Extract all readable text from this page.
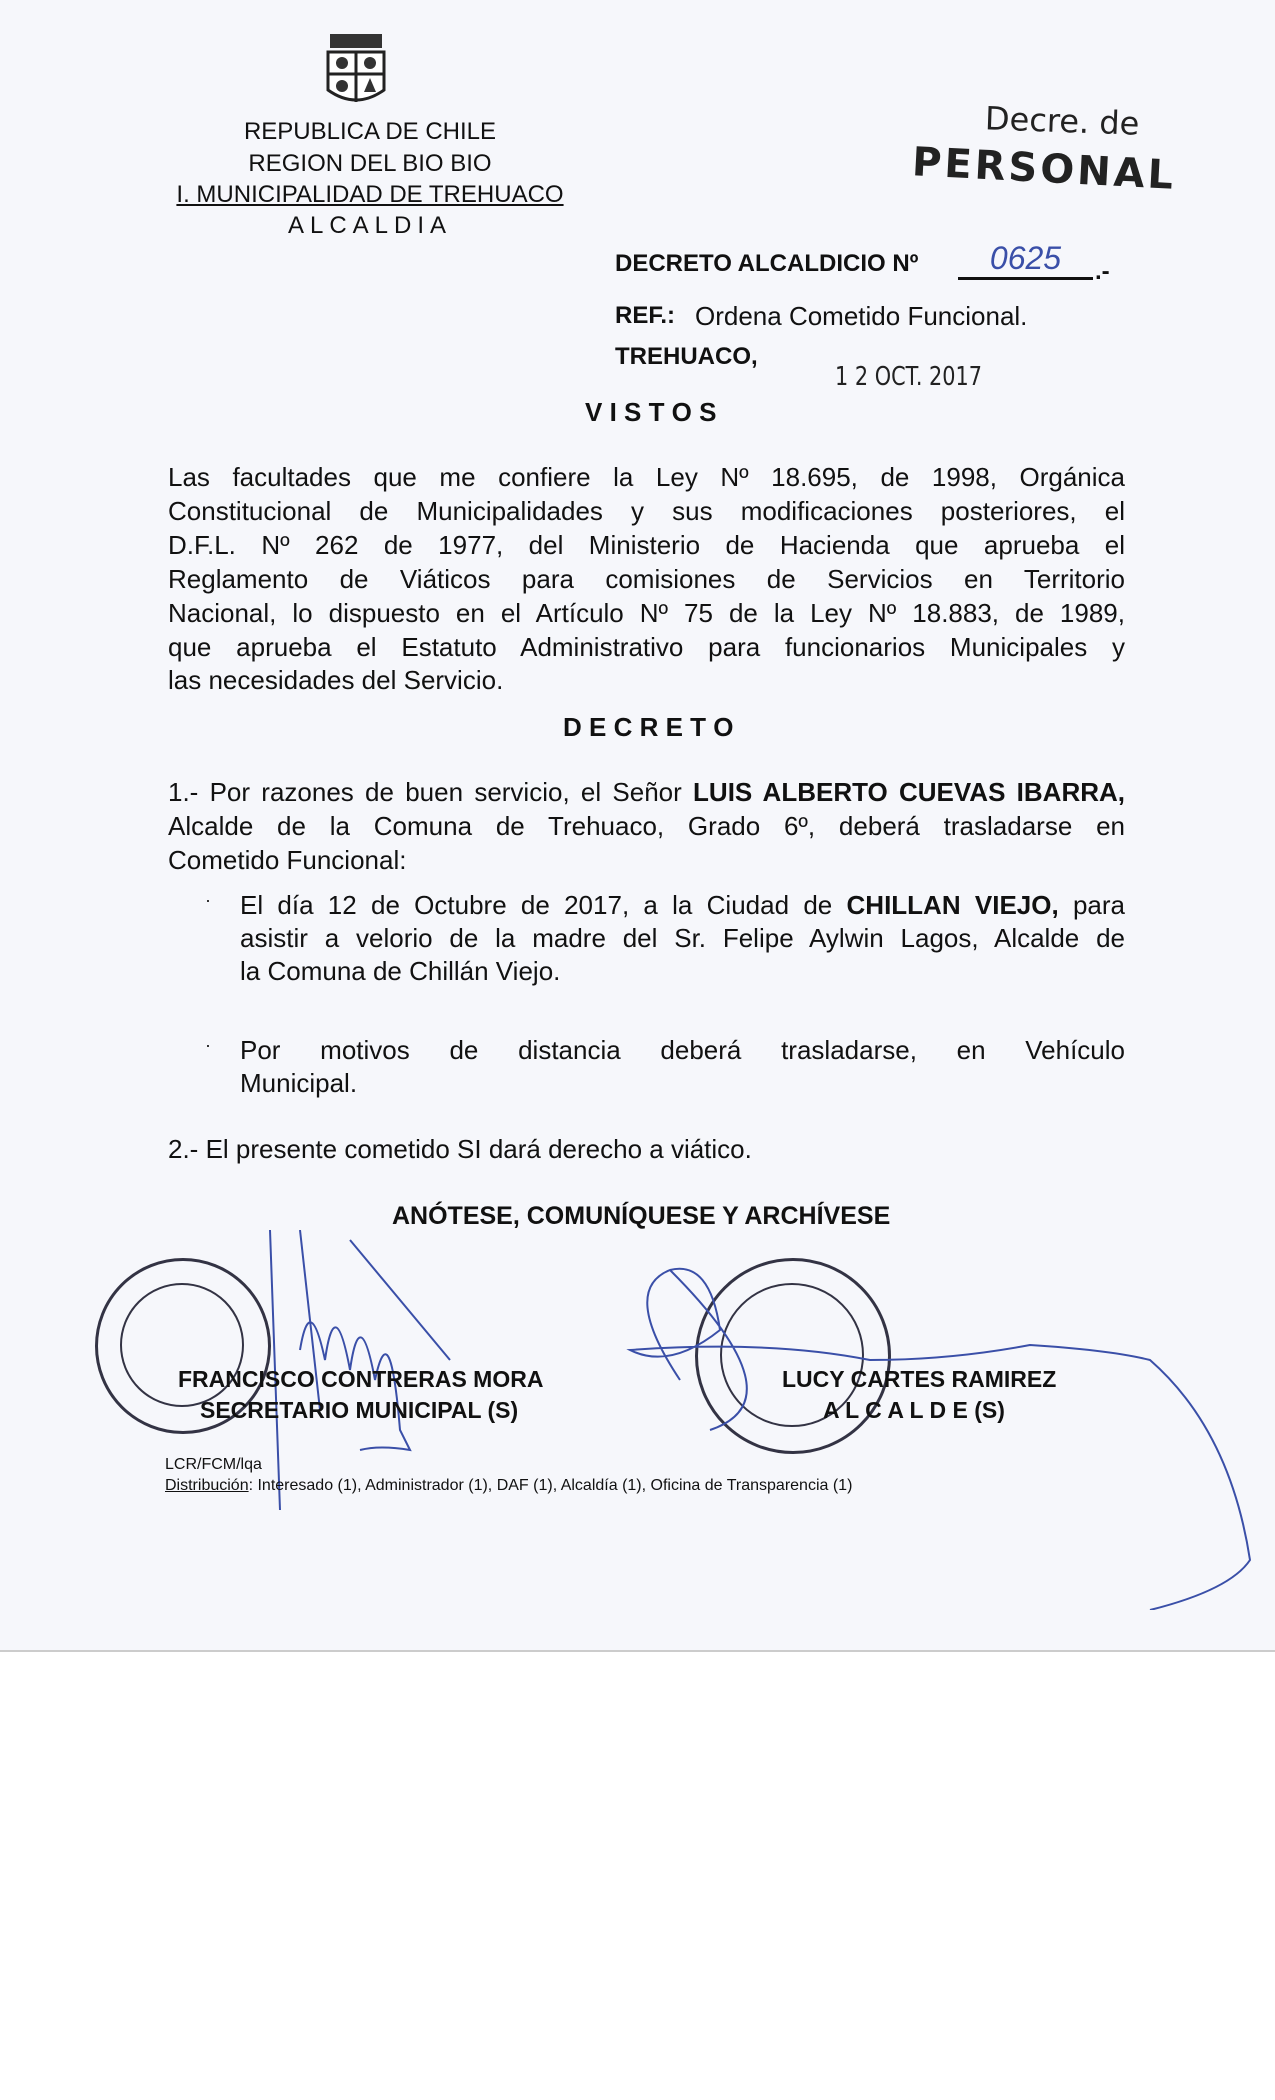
REPUBLICA DE CHILE
REGION DEL BIO BIO
I. MUNICIPALIDAD DE TREHUACO
ALCALDIA
Decre. de
PERSONAL
DECRETO ALCALDICIO Nº	0625	.-
REF.: Ordena Cometido Funcional.
TREHUACO,
1 2 OCT. 2017
V I S T O S
Las facultades que me confiere la Ley Nº 18.695, de 1998, Orgánica
Constitucional de Municipalidades y sus modificaciones posteriores, el
D.F.L. Nº 262 de 1977, del Ministerio de Hacienda que aprueba el
Reglamento de Viáticos para comisiones de Servicios en Territorio
Nacional, lo dispuesto en el Artículo Nº 75 de la Ley Nº 18.883, de 1989,
que aprueba el Estatuto Administrativo para funcionarios Municipales y
las necesidades del Servicio.
D E C R E T O
1.- Por razones de buen servicio, el Señor LUIS ALBERTO CUEVAS IBARRA,
Alcalde de la Comuna de Trehuaco, Grado 6º, deberá trasladarse en
Cometido Funcional:
· El día 12 de Octubre de 2017, a la Ciudad de CHILLAN VIEJO, para
asistir a velorio de la madre del Sr. Felipe Aylwin Lagos, Alcalde de
la Comuna de Chillán Viejo.
· Por motivos de distancia deberá trasladarse, en Vehículo
Municipal.
2.- El presente cometido SI dará derecho a viático.
ANÓTESE, COMUNÍQUESE Y ARCHÍVESE
FRANCISCO CONTRERAS MORA
SECRETARIO MUNICIPAL (S)
LUCY CARTES RAMIREZ
A L C A L D E (S)
LCR/FCM/lqa
Distribución: Interesado (1), Administrador (1), DAF (1), Alcaldía (1), Oficina de Transparencia (1)
